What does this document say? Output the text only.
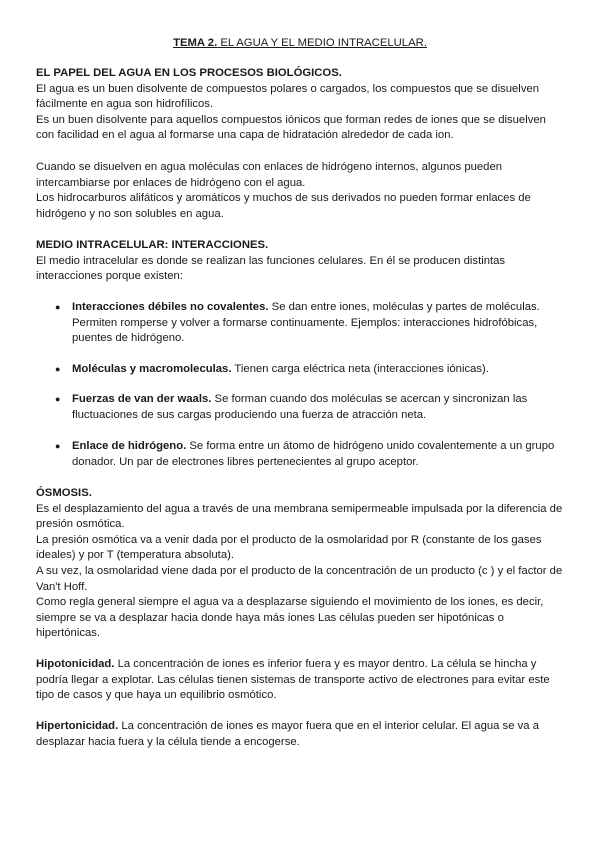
TEMA 2. EL AGUA Y EL MEDIO INTRACELULAR.

EL PAPEL DEL AGUA EN LOS PROCESOS BIOLÓGICOS.

El agua es un buen disolvente de compuestos polares o cargados, los compuestos que se disuelven fácilmente en agua son hidrofílicos.

Es un buen disolvente para aquellos compuestos iónicos que forman redes de iones que se disuelven con facilidad en el agua al formarse una capa de hidratación alrededor de cada ion.

Cuando se disuelven en agua moléculas con enlaces de hidrógeno internos, algunos pueden intercambiarse por enlaces de hidrógeno con el agua.

Los hidrocarburos alifáticos y aromáticos y muchos de sus derivados no pueden formar enlaces de hidrógeno y no son solubles en agua.

MEDIO INTRACELULAR: INTERACCIONES.

El medio intracelular es donde se realizan las funciones celulares. En él se producen distintas interacciones porque existen:

● Interacciones débiles no covalentes. Se dan entre iones, moléculas y partes de moléculas. Permiten romperse y volver a formarse continuamente. Ejemplos: interacciones hidrofóbicas, puentes de hidrógeno.
● Moléculas y macromoleculas. Tienen carga eléctrica neta (interacciones iónicas).
● Fuerzas de van der waals. Se forman cuando dos moléculas se acercan y sincronizan las fluctuaciones de sus cargas produciendo una fuerza de atracción neta.
● Enlace de hidrógeno. Se forma entre un átomo de hidrógeno unido covalentemente a un grupo donador. Un par de electrones libres pertenecientes al grupo aceptor.

ÓSMOSIS.

Es el desplazamiento del agua a través de una membrana semipermeable impulsada por la diferencia de presión osmótica.

La presión osmótica va a venir dada por el producto de la osmolaridad por R (constante de los gases ideales) y por T (temperatura absoluta).

A su vez, la osmolaridad viene dada por el producto de la concentración de un producto (c ) y el factor de Van't Hoff.

Como regla general siempre el agua va a desplazarse siguiendo el movimiento de los iones, es decir, siempre se va a desplazar hacia donde haya más iones Las células pueden ser hipotónicas o hipertónicas.

Hipotonicidad. La concentración de iones es inferior fuera y es mayor dentro. La célula se hincha y podría llegar a explotar. Las células tienen sistemas de transporte activo de electrones para evitar este tipo de casos y que haya un equilibrio osmótico.
Hipertonicidad. La concentración de iones es mayor fuera que en el interior celular. El agua se va a desplazar hacia fuera y la célula tiende a encogerse.
